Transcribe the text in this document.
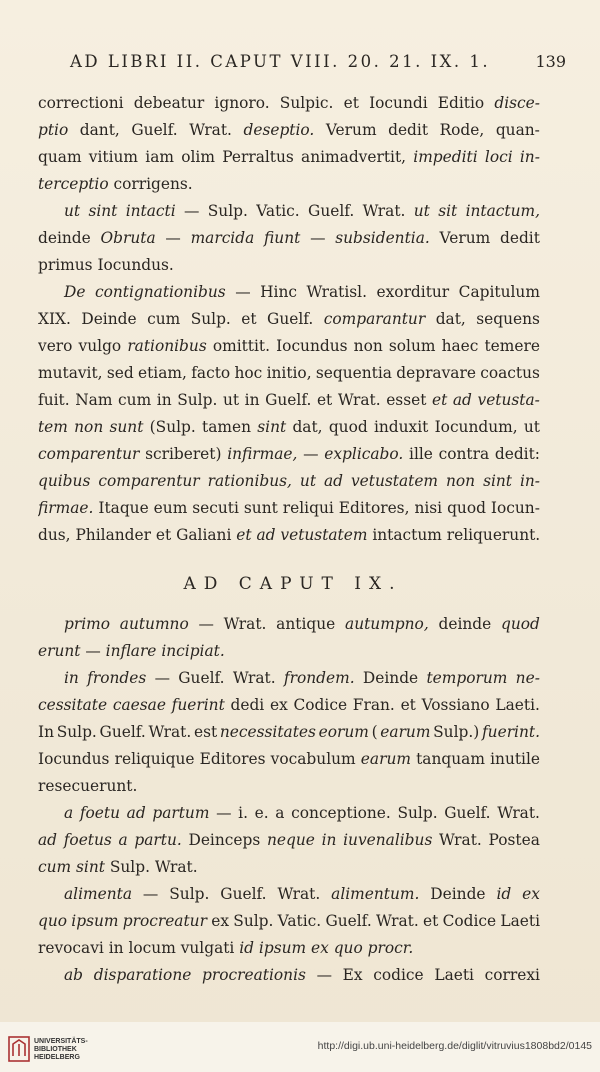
AD LIBRI II. CAPUT VIII. 20. 21. IX. 1.	139
correctioni debeatur ignoro. Sulpic. et Iocundi Editio disce-
ptio dant, Guelf. Wrat. deseptio. Verum dedit Rode, quan-
quam vitium iam olim Perraltus animadvertit, impediti loci in-
terceptio corrigens.
ut sint intacti — Sulp. Vatic. Guelf. Wrat. ut sit intactum,
deinde Obruta — marcida fiunt — subsidentia. Verum dedit
primus Iocundus.
De contignationibus — Hinc Wratisl. exorditur Capitulum
XIX. Deinde cum Sulp. et Guelf. comparantur dat, sequens
vero vulgo rationibus omittit. Iocundus non solum haec temere
mutavit, sed etiam, facto hoc initio, sequentia depravare coactus
fuit. Nam cum in Sulp. ut in Guelf. et Wrat. esset et ad vetusta-
tem non sunt (Sulp. tamen sint dat, quod induxit Iocundum, ut
comparentur scriberet) infirmae, — explicabo. ille contra dedit:
quibus comparentur rationibus, ut ad vetustatem non sint in-
firmae. Itaque eum secuti sunt reliqui Editores, nisi quod Iocun-
dus, Philander et Galiani et ad vetustatem intactum reliquerunt.
AD CAPUT IX.
primo autumno — Wrat. antique autumpno, deinde quod
erunt — inflare incipiat.
in frondes — Guelf. Wrat. frondem. Deinde temporum ne-
cessitate caesae fuerint dedi ex Codice Fran. et Vossiano Laeti.
In Sulp. Guelf. Wrat. est necessitates eorum ( earum Sulp.) fuerint.
Iocundus reliquique Editores vocabulum earum tanquam inutile
resecuerunt.
a foetu ad partum — i. e. a conceptione. Sulp. Guelf. Wrat.
ad foetus a partu. Deinceps neque in iuvenalibus Wrat. Postea
cum sint Sulp. Wrat.
alimenta — Sulp. Guelf. Wrat. alimentum. Deinde id ex
quo ipsum procreatur ex Sulp. Vatic. Guelf. Wrat. et Codice Laeti
revocavi in locum vulgati id ipsum ex quo procr.
ab disparatione procreationis — Ex codice Laeti correxi
UNIVERSITÄTS-
BIBLIOTHEK
HEIDELBERG
http://digi.ub.uni-heidelberg.de/diglit/vitruvius1808bd2/0145
